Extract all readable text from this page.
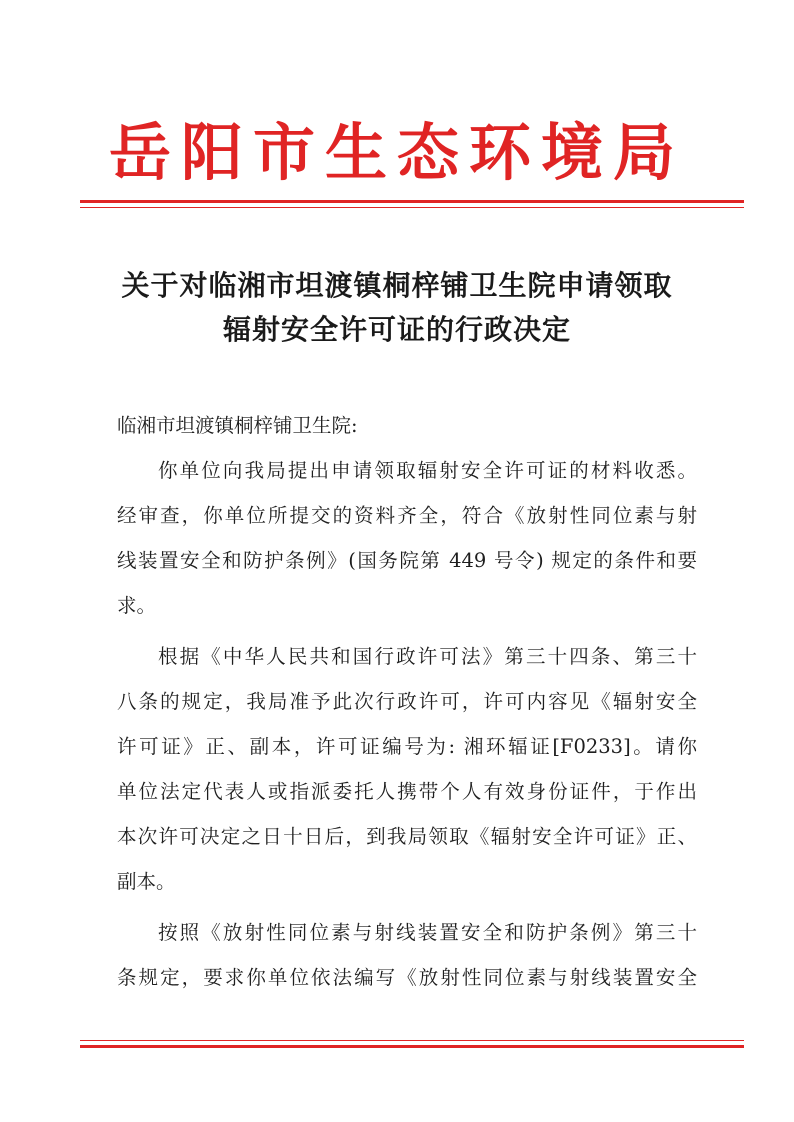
岳阳市生态环境局
关于对临湘市坦渡镇桐梓铺卫生院申请领取
辐射安全许可证的行政决定
临湘市坦渡镇桐梓铺卫生院:
你单位向我局提出申请领取辐射安全许可证的材料收悉。
经审查，你单位所提交的资料齐全，符合《放射性同位素与射
线装置安全和防护条例》(国务院第 449 号令) 规定的条件和要
求。
根据《中华人民共和国行政许可法》第三十四条、第三十
八条的规定，我局准予此次行政许可，许可内容见《辐射安全
许可证》正、副本，许可证编号为: 湘环辐证[F0233]。请你
单位法定代表人或指派委托人携带个人有效身份证件，于作出
本次许可决定之日十日后，到我局领取《辐射安全许可证》正、
副本。
按照《放射性同位素与射线装置安全和防护条例》第三十
条规定，要求你单位依法编写《放射性同位素与射线装置安全
